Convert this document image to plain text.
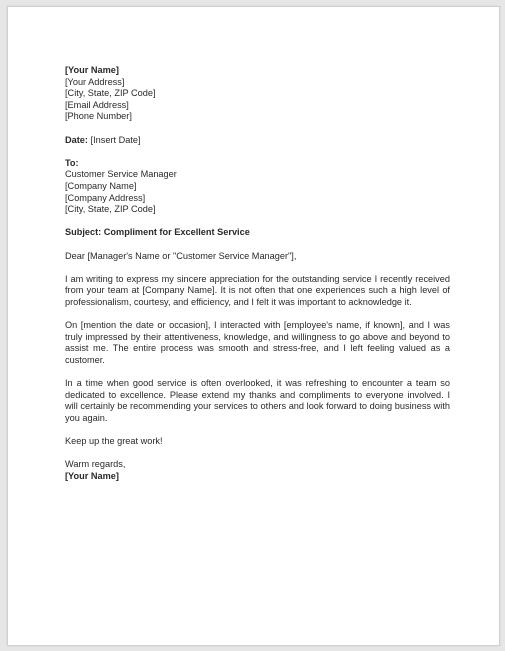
[Your Name]
[Your Address]
[City, State, ZIP Code]
[Email Address]
[Phone Number]
Date: [Insert Date]
To:
Customer Service Manager
[Company Name]
[Company Address]
[City, State, ZIP Code]
Subject: Compliment for Excellent Service
Dear [Manager's Name or "Customer Service Manager"],
I am writing to express my sincere appreciation for the outstanding service I recently received from your team at [Company Name]. It is not often that one experiences such a high level of professionalism, courtesy, and efficiency, and I felt it was important to acknowledge it.
On [mention the date or occasion], I interacted with [employee's name, if known], and I was truly impressed by their attentiveness, knowledge, and willingness to go above and beyond to assist me. The entire process was smooth and stress-free, and I left feeling valued as a customer.
In a time when good service is often overlooked, it was refreshing to encounter a team so dedicated to excellence. Please extend my thanks and compliments to everyone involved. I will certainly be recommending your services to others and look forward to doing business with you again.
Keep up the great work!
Warm regards,
[Your Name]
